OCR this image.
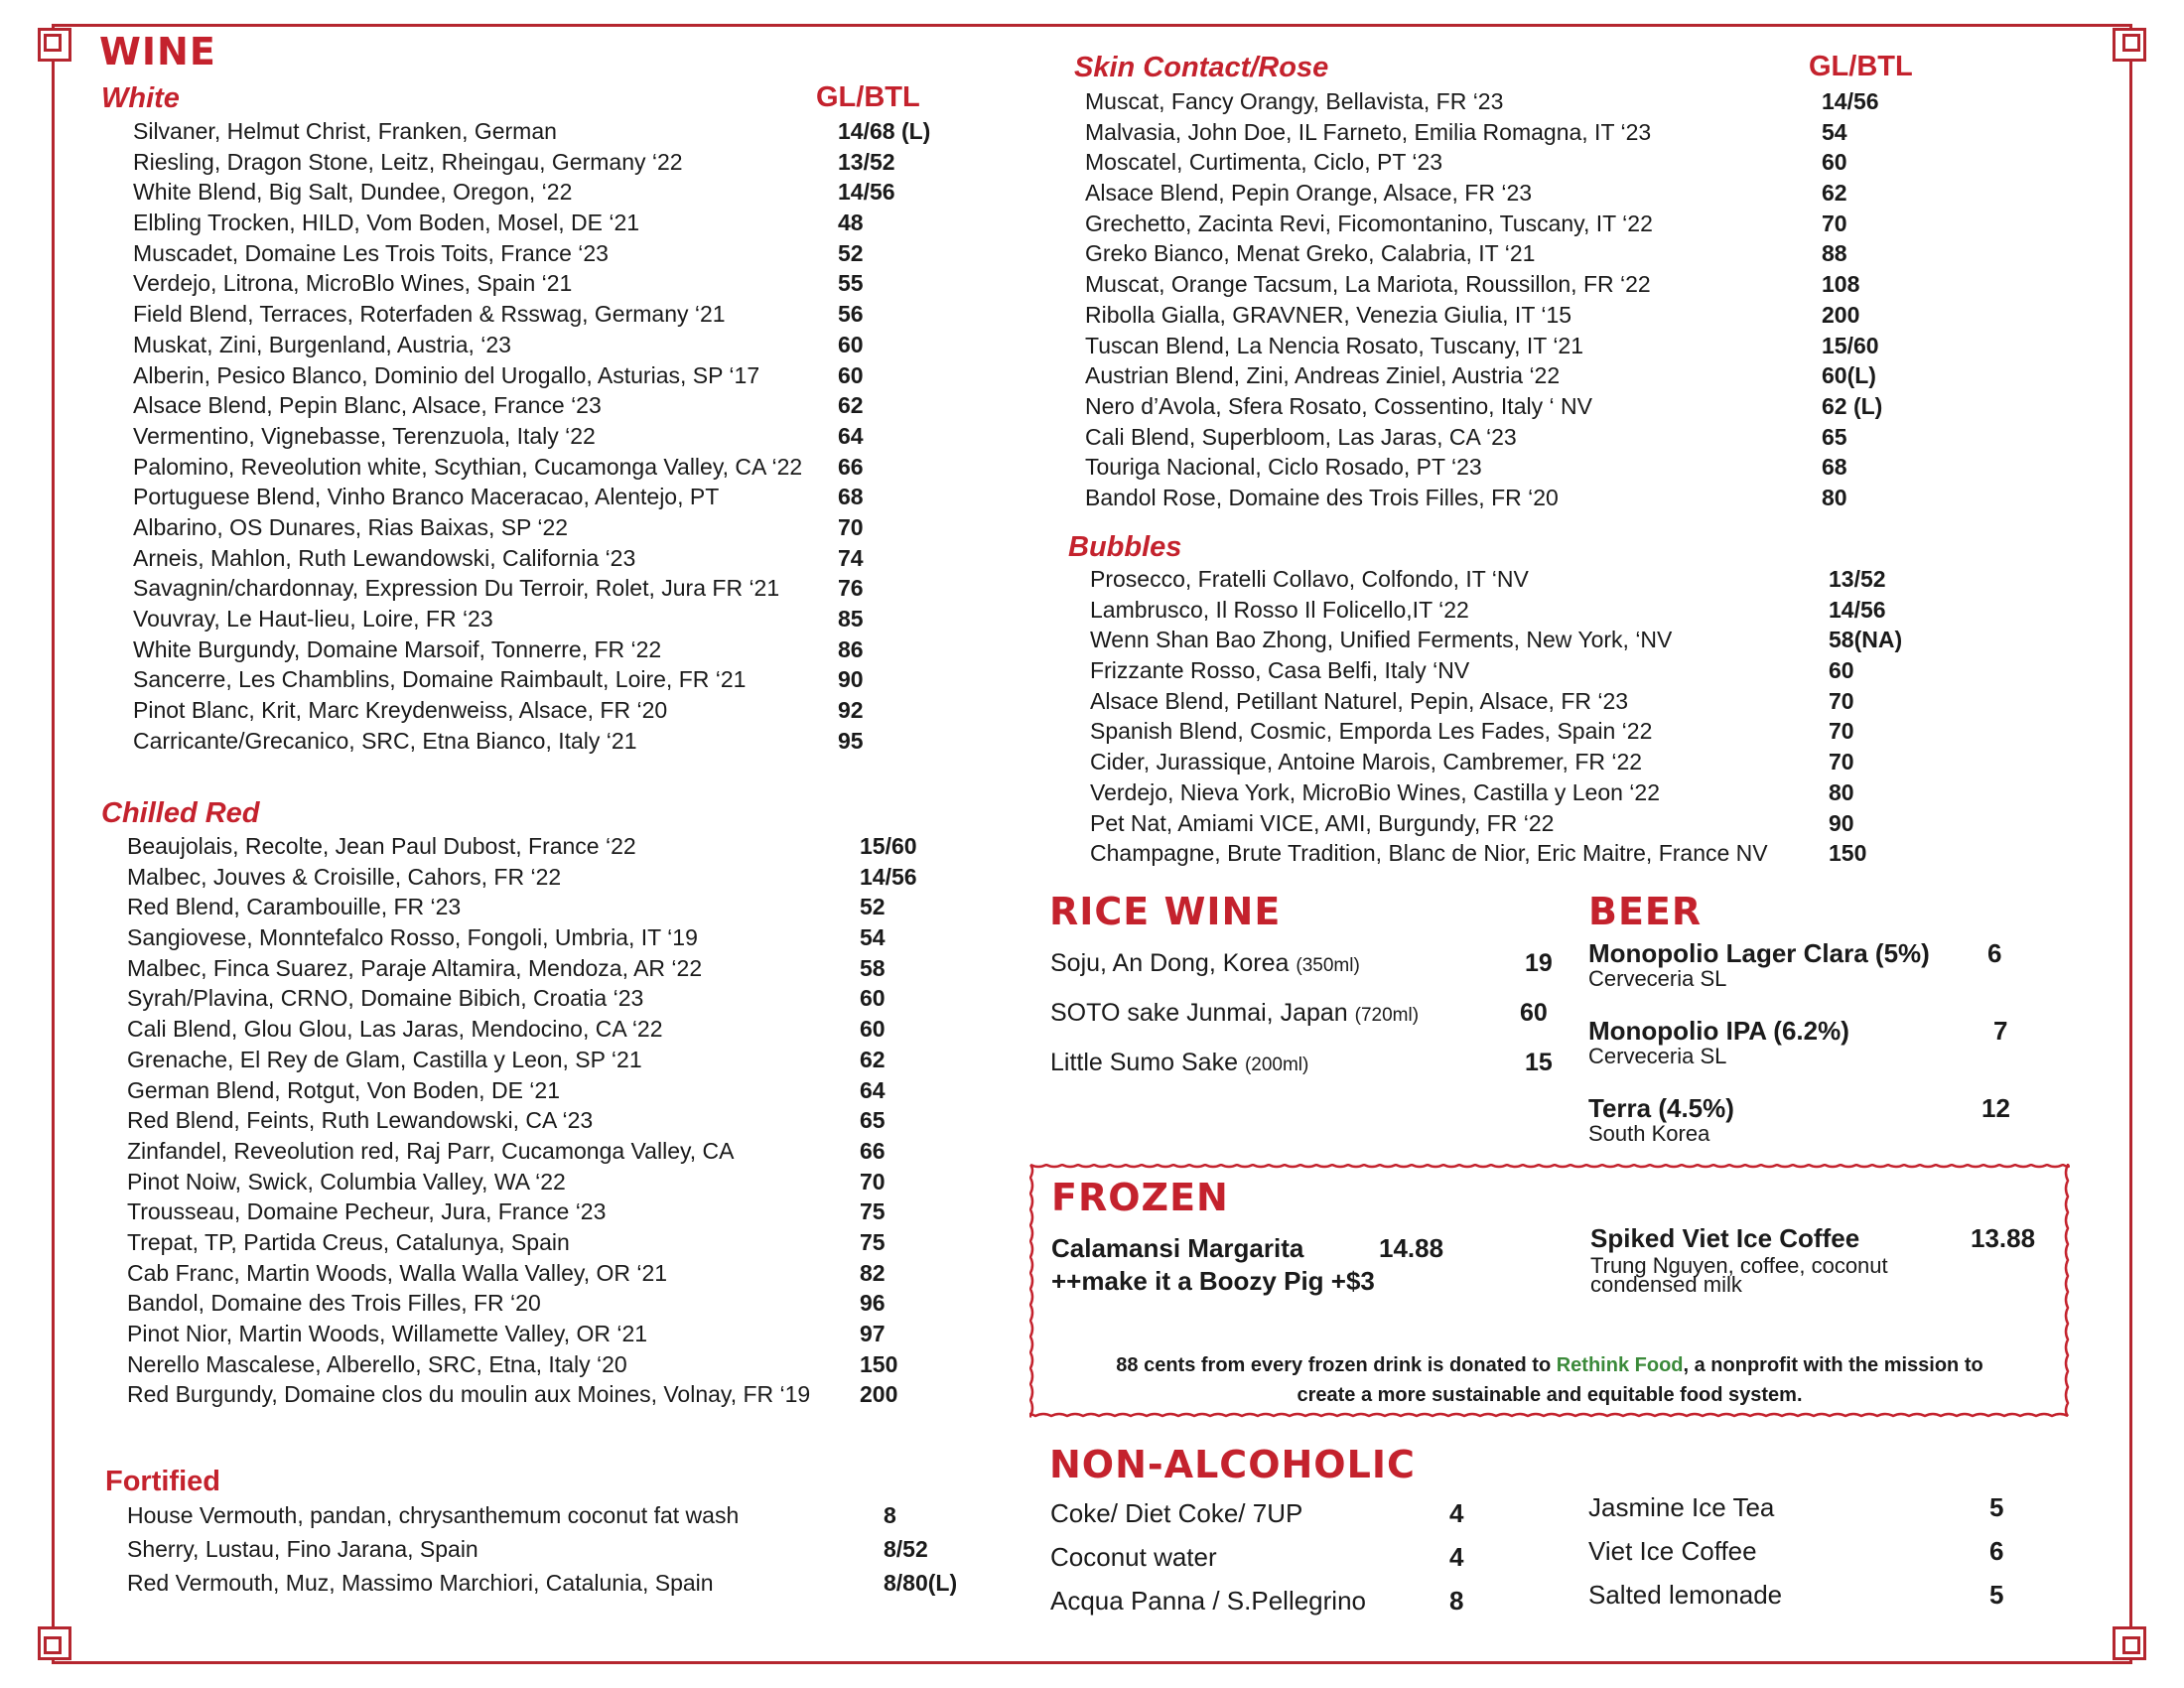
WINE
White	GL/BTL
Silvaner, Helmut Christ, Franken, German	14/68 (L)
Riesling, Dragon Stone, Leitz, Rheingau, Germany ‘22	13/52
White Blend, Big Salt, Dundee, Oregon, ‘22	14/56
Elbling Trocken, HILD, Vom Boden, Mosel, DE ‘21	48
Muscadet, Domaine Les Trois Toits, France ‘23	52
Verdejo, Litrona, MicroBlo Wines, Spain ‘21	55
Field Blend, Terraces, Roterfaden & Rsswag, Germany ‘21	56
Muskat, Zini, Burgenland, Austria, ‘23	60
Alberin, Pesico Blanco, Dominio del Urogallo, Asturias, SP ‘17	60
Alsace Blend, Pepin Blanc, Alsace, France ‘23	62
Vermentino, Vignebasse, Terenzuola, Italy ‘22	64
Palomino, Reveolution white, Scythian, Cucamonga Valley, CA ‘22 66
Portuguese Blend, Vinho Branco Maceracao, Alentejo, PT	68
Albarino, OS Dunares, Rias Baixas, SP ‘22	70
Arneis, Mahlon, Ruth Lewandowski, California ‘23	74
Savagnin/chardonnay, Expression Du Terroir, Rolet, Jura FR ‘21	76
Vouvray, Le Haut-lieu, Loire, FR ‘23	85
White Burgundy, Domaine Marsoif, Tonnerre, FR ‘22	86
Sancerre, Les Chamblins, Domaine Raimbault, Loire, FR ‘21	90
Pinot Blanc, Krit, Marc Kreydenweiss, Alsace, FR ‘20	92
Carricante/Grecanico, SRC, Etna Bianco, Italy ‘21	95
Chilled Red
Beaujolais, Recolte, Jean Paul Dubost, France ‘22	15/60
Malbec, Jouves & Croisille, Cahors, FR ‘22	14/56
Red Blend, Carambouille, FR ‘23	52
Sangiovese, Monntefalco Rosso, Fongoli, Umbria, IT ‘19	54
Malbec, Finca Suarez, Paraje Altamira, Mendoza, AR ‘22	58
Syrah/Plavina, CRNO, Domaine Bibich, Croatia ‘23	60
Cali Blend, Glou Glou, Las Jaras, Mendocino, CA ‘22	60
Grenache, El Rey de Glam, Castilla y Leon, SP ‘21	62
German Blend, Rotgut, Von Boden, DE ‘21	64
Red Blend, Feints, Ruth Lewandowski, CA ‘23	65
Zinfandel, Reveolution red, Raj Parr, Cucamonga Valley, CA	66
Pinot Noiw, Swick, Columbia Valley, WA ‘22	70
Trousseau, Domaine Pecheur, Jura, France ‘23	75
Trepat, TP, Partida Creus, Catalunya, Spain	75
Cab Franc, Martin Woods, Walla Walla Valley, OR ‘21	82
Bandol, Domaine des Trois Filles, FR ‘20	96
Pinot Nior, Martin Woods, Willamette Valley, OR ‘21	97
Nerello Mascalese, Alberello, SRC, Etna, Italy ‘20	150
Red Burgundy, Domaine clos du moulin aux Moines, Volnay, FR ‘19 200
Fortified
House Vermouth, pandan, chrysanthemum coconut fat wash	8
Sherry, Lustau, Fino Jarana, Spain	8/52
Red Vermouth, Muz, Massimo Marchiori, Catalunia, Spain	8/80(L)
Skin Contact/Rose	GL/BTL
Muscat, Fancy Orangy, Bellavista, FR ‘23	14/56
Malvasia, John Doe, IL Farneto, Emilia Romagna, IT ‘23	54
Moscatel, Curtimenta, Ciclo, PT ‘23	60
Alsace Blend, Pepin Orange, Alsace, FR ‘23	62
Grechetto, Zacinta Revi, Ficomontanino, Tuscany, IT ‘22	70
Greko Bianco, Menat Greko, Calabria, IT ‘21	88
Muscat, Orange Tacsum, La Mariota, Roussillon, FR ‘22	108
Ribolla Gialla, GRAVNER, Venezia Giulia, IT ‘15	200
Tuscan Blend, La Nencia Rosato, Tuscany, IT ‘21	15/60
Austrian Blend, Zini, Andreas Ziniel, Austria ‘22	60(L)
Nero d’Avola, Sfera Rosato, Cossentino, Italy ‘ NV	62 (L)
Cali Blend, Superbloom, Las Jaras, CA ‘23	65
Touriga Nacional, Ciclo Rosado, PT ‘23	68
Bandol Rose, Domaine des Trois Filles, FR ‘20	80
Bubbles
Prosecco, Fratelli Collavo, Colfondo, IT ‘NV	13/52
Lambrusco, Il Rosso Il Folicello,IT ‘22	14/56
Wenn Shan Bao Zhong, Unified Ferments, New York, ‘NV	58(NA)
Frizzante Rosso, Casa Belfi, Italy ‘NV	60
Alsace Blend, Petillant Naturel, Pepin, Alsace, FR ‘23	70
Spanish Blend, Cosmic, Emporda Les Fades, Spain ‘22	70
Cider, Jurassique, Antoine Marois, Cambremer, FR ‘22	70
Verdejo, Nieva York, MicroBio Wines, Castilla y Leon ‘22	80
Pet Nat, Amiami VICE, AMI, Burgundy, FR ‘22	90
Champagne, Brute Tradition, Blanc de Nior, Eric Maitre, France NV	150
RICE WINE
Soju, An Dong, Korea (350ml)	19
SOTO sake Junmai, Japan (720ml)	60
Little Sumo Sake (200ml)	15
BEER
Monopolio Lager Clara (5%)
Cerveceria SL
6
Monopolio IPA (6.2%)
Cerveceria SL
7
Terra (4.5%)
South Korea
12
FROZEN
Calamansi Margarita	14.88
++make it a Boozy Pig +$3
Spiked Viet Ice Coffee	13.88
Trung Nguyen, coffee, coconut
condensed milk
88 cents from every frozen drink is donated to Rethink Food, a nonprofit with the mission to
create a more sustainable and equitable food system.
NON-ALCOHOLIC
Coke/ Diet Coke/ 7UP	4
Coconut water	4
Acqua Panna / S.Pellegrino	8
Jasmine Ice Tea	5
Viet Ice Coffee	6
Salted lemonade	5
